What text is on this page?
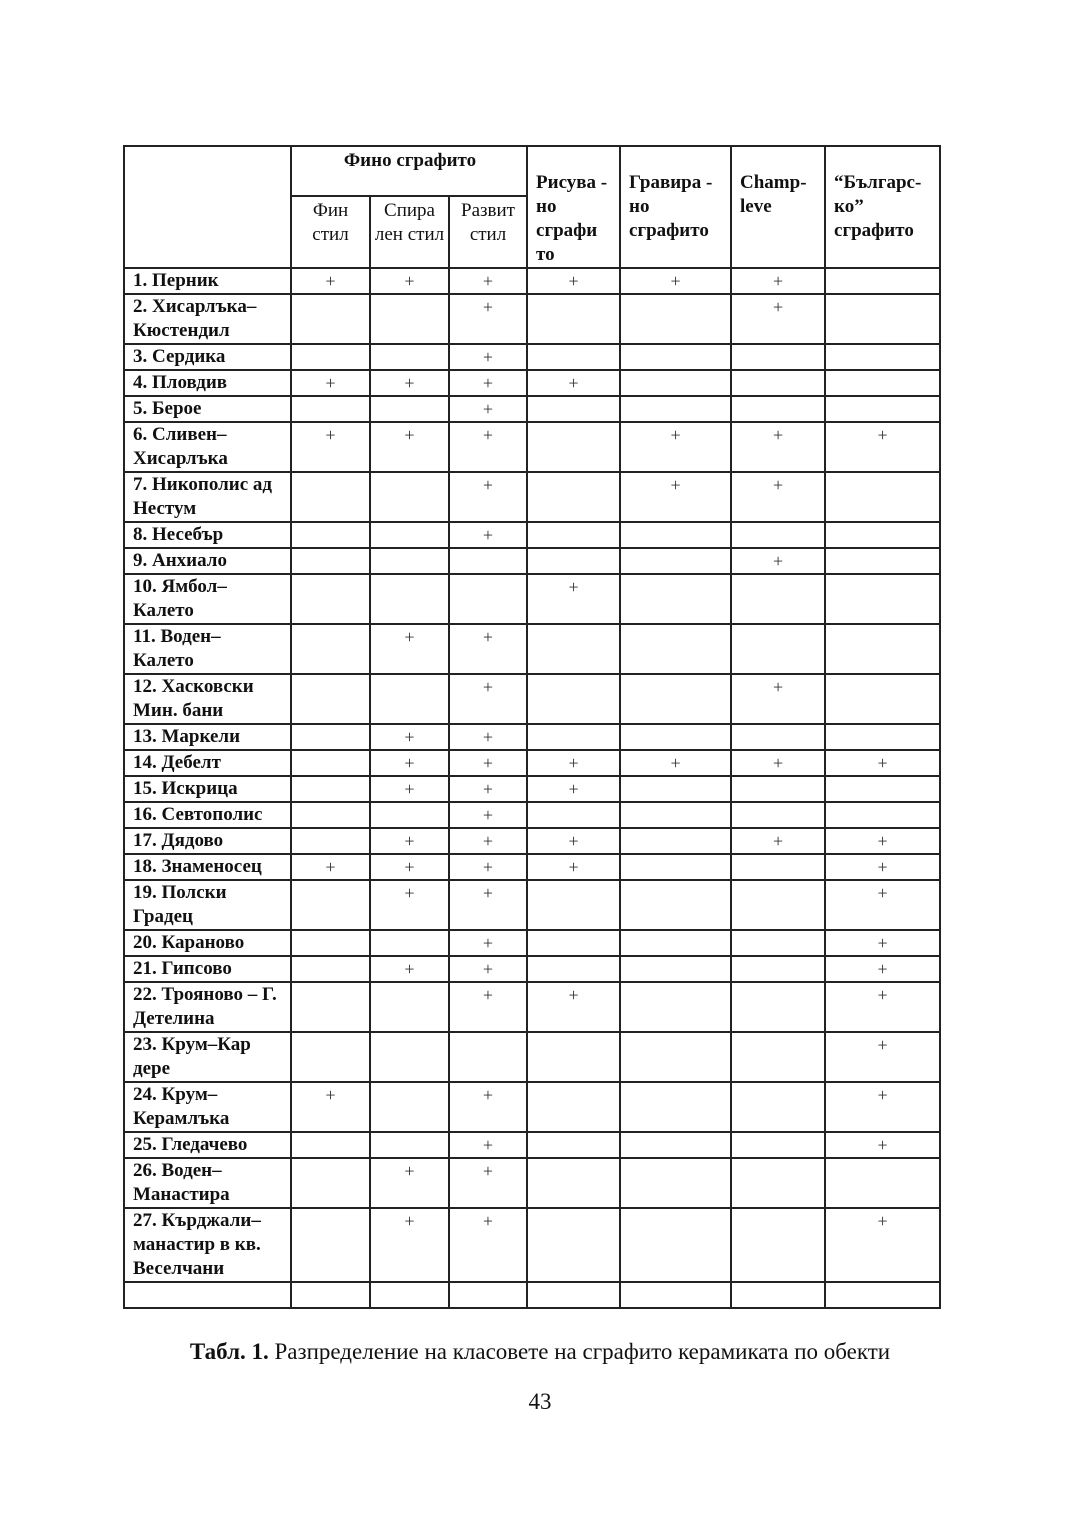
	Фино сграфито			Рисува - но сграфи то	Гравира - но сграфито	Champ- leve	“Българс- ко” сграфито
	Фин стил	Спира лен стил	Развит стил				
1. Перник	+	+	+	+	+	+	
2. Хисарлъка– Кюстендил			+			+	
3. Сердика			+				
4. Пловдив	+	+	+	+			
5. Берое			+				
6. Сливен– Хисарлъка	+	+	+		+	+	+
7. Никополис ад Нестум			+		+	+	
8. Несебър			+				
9. Анхиало						+	
10. Ямбол– Калето				+			
11. Воден– Калето		+	+				
12. Хасковски Мин. бани			+			+	
13. Маркели		+	+				
14. Дебелт		+	+	+	+	+	+
15. Искрица		+	+	+			
16. Севтополис			+				
17. Дядово		+	+	+		+	+
18. Знаменосец	+	+	+	+			+
19. Полски Градец		+	+				+
20. Караново			+				+
21. Гипсово		+	+				+
22. Трояново – Г. Детелина			+	+			+
23. Крум–Кар дере							+
24. Крум– Керамлъка	+		+				+
25. Гледачево			+				+
26. Воден– Манастира		+	+				
27. Кърджали– манастир в кв. Веселчани		+	+				+

Табл. 1. Разпределение на класовете на сграфито керамиката по обекти
43
